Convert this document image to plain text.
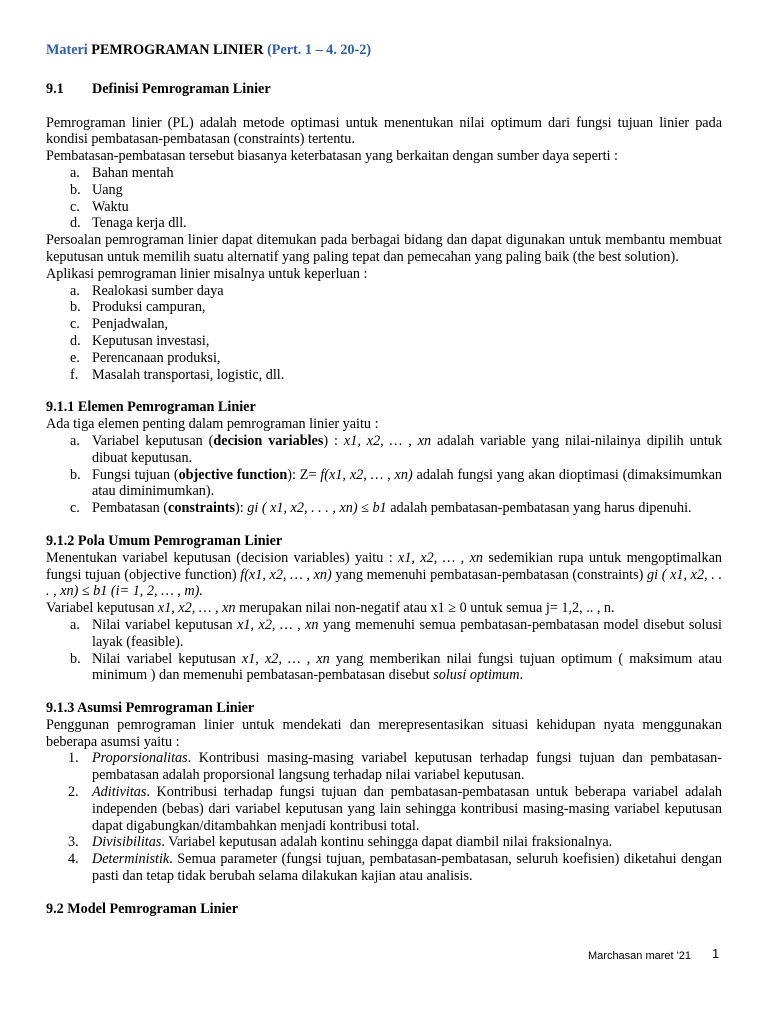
Materi PEMROGRAMAN LINIER (Pert. 1 – 4. 20-2)
9.1 Definisi Pemrograman Linier

Pemrograman linier (PL) adalah metode optimasi untuk menentukan nilai optimum dari fungsi tujuan linier pada kondisi pembatasan-pembatasan (constraints) tertentu.

Pembatasan-pembatasan tersebut biasanya keterbatasan yang berkaitan dengan sumber daya seperti :

a. Bahan mentah
b. Uang
c. Waktu
d. Tenaga kerja dll.

Persoalan pemrograman linier dapat ditemukan pada berbagai bidang dan dapat digunakan untuk membantu membuat keputusan untuk memilih suatu alternatif yang paling tepat dan pemecahan yang paling baik (the best solution).

Aplikasi pemrograman linier misalnya untuk keperluan :

a. Realokasi sumber daya
b. Produksi campuran,
c. Penjadwalan,
d. Keputusan investasi,
e. Perencanaan produksi,
f. Masalah transportasi, logistic, dll.
9.1.1 Elemen Pemrograman Linier

Ada tiga elemen penting dalam pemrograman linier yaitu :

a. Variabel keputusan (decision variables) : x1, x2, … , xn adalah variable yang nilai-nilainya dipilih untuk dibuat keputusan.
b. Fungsi tujuan (objective function): Z= f(x1, x2, … , xn) adalah fungsi yang akan dioptimasi (dimaksimumkan atau diminimumkan).
c. Pembatasan (constraints): gi ( x1, x2, . . . , xn) ≤ b1 adalah pembatasan-pembatasan yang harus dipenuhi.
9.1.2 Pola Umum Pemrograman Linier

Menentukan variabel keputusan (decision variables) yaitu : x1, x2, … , xn sedemikian rupa untuk mengoptimalkan fungsi tujuan (objective function) f(x1, x2, … , xn) yang memenuhi pembatasan-pembatasan (constraints) gi ( x1, x2, . . . , xn) ≤ b1 (i= 1, 2, … , m).

Variabel keputusan x1, x2, … , xn merupakan nilai non-negatif atau x1 ≥ 0 untuk semua j= 1,2, .. , n.

a. Nilai variabel keputusan x1, x2, … , xn yang memenuhi semua pembatasan-pembatasan model disebut solusi layak (feasible).
b. Nilai variabel keputusan x1, x2, … , xn yang memberikan nilai fungsi tujuan optimum ( maksimum atau minimum ) dan memenuhi pembatasan-pembatasan disebut solusi optimum.
9.1.3 Asumsi Pemrograman Linier

Penggunan pemrograman linier untuk mendekati dan merepresentasikan situasi kehidupan nyata menggunakan beberapa asumsi yaitu :

1. Proporsionalitas. Kontribusi masing-masing variabel keputusan terhadap fungsi tujuan dan pembatasan-pembatasan adalah proporsional langsung terhadap nilai variabel keputusan.
2. Aditivitas. Kontribusi terhadap fungsi tujuan dan pembatasan-pembatasan untuk beberapa variabel adalah independen (bebas) dari variabel keputusan yang lain sehingga kontribusi masing-masing variabel keputusan dapat digabungkan/ditambahkan menjadi kontribusi total.
3. Divisibilitas. Variabel keputusan adalah kontinu sehingga dapat diambil nilai fraksionalnya.
4. Deterministik. Semua parameter (fungsi tujuan, pembatasan-pembatasan, seluruh koefisien) diketahui dengan pasti dan tetap tidak berubah selama dilakukan kajian atau analisis.
9.2 Model Pemrograman Linier
Marchasan maret '21 1
